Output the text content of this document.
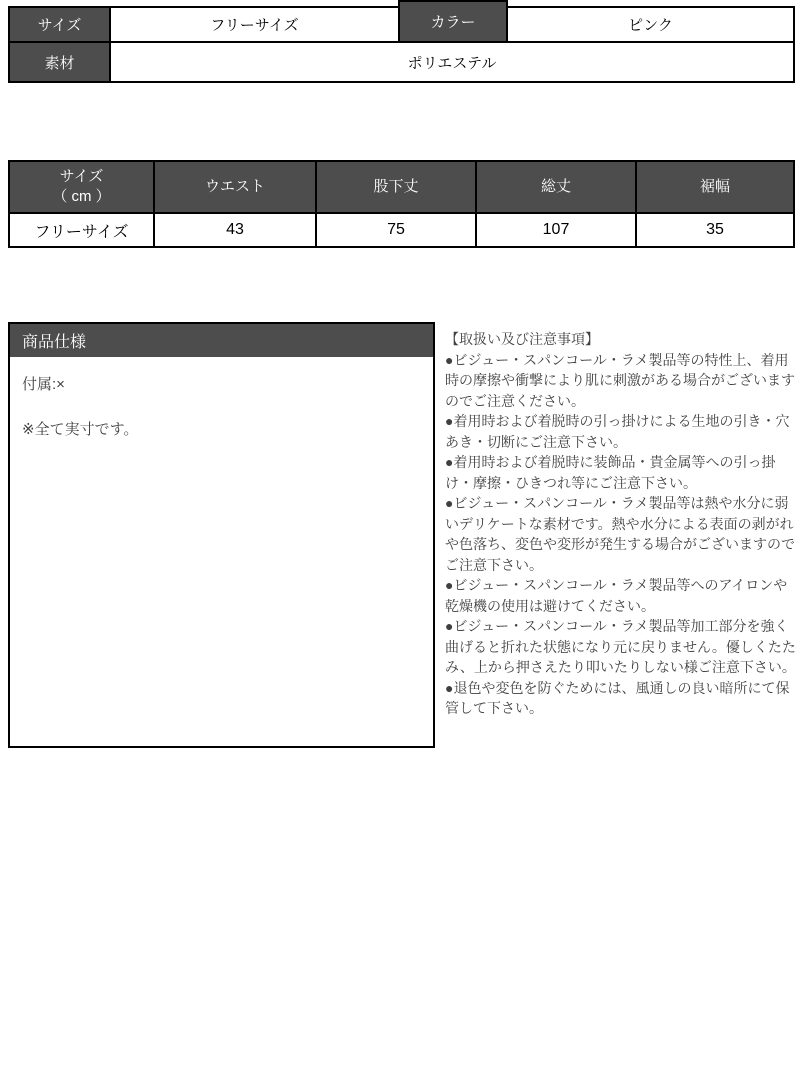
サイズ	フリーサイズ	カラー	ピンク
素材	ポリエステル
サイズ
（ cm ）
ウエスト	股下丈	総丈	裾幅
フリーサイズ	43	75	107	35
商品仕様
付属:×
※全て実寸です。
【取扱い及び注意事項】
●ビジュー・スパンコール・ラメ製品等の特性上、着用時の摩擦や衝撃により肌に刺激がある場合がございますのでご注意ください。
●着用時および着脱時の引っ掛けによる生地の引き・穴あき・切断にご注意下さい。
●着用時および着脱時に装飾品・貴金属等への引っ掛け・摩擦・ひきつれ等にご注意下さい。
●ビジュー・スパンコール・ラメ製品等は熱や水分に弱いデリケートな素材です。熱や水分による表面の剥がれや色落ち、変色や変形が発生する場合がございますのでご注意下さい。
●ビジュー・スパンコール・ラメ製品等へのアイロンや乾燥機の使用は避けてください。
●ビジュー・スパンコール・ラメ製品等加工部分を強く曲げると折れた状態になり元に戻りません。優しくたたみ、上から押さえたり叩いたりしない様ご注意下さい。
●退色や変色を防ぐためには、風通しの良い暗所にて保管して下さい。
